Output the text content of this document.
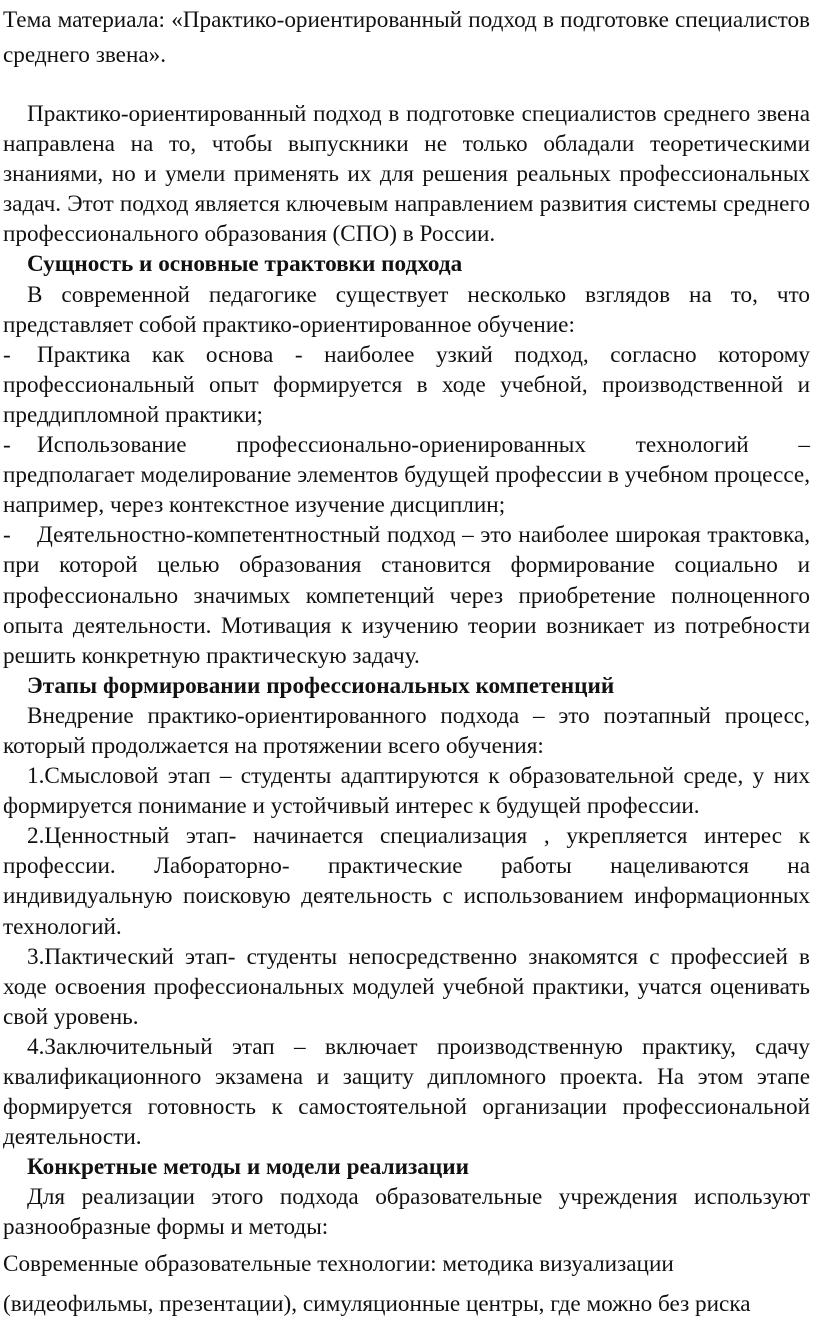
Тема материала: «Практико-ориентированный подход в подготовке специалистов среднего звена».

Практико-ориентированный подход в подготовке специалистов среднего звена направлена на то, чтобы выпускники не только обладали теоретическими знаниями, но и умели применять их для решения реальных профессиональных задач. Этот подход является ключевым направлением развития системы среднего профессионального образования (СПО) в России.

Сущность и основные трактовки подхода

В современной педагогике существует несколько взглядов на то, что представляет собой практико-ориентированное обучение:

- Практика как основа - наиболее узкий подход, согласно которому профессиональный опыт формируется в ходе учебной, производственной и преддипломной практики;

- Использование профессионально-ориенированных технологий – предполагает моделирование элементов будущей профессии в учебном процессе, например, через контекстное изучение дисциплин;

- Деятельностно-компетентностный подход – это наиболее широкая трактовка, при которой целью образования становится формирование социально и профессионально значимых компетенций через приобретение полноценного опыта деятельности. Мотивация к изучению теории возникает из потребности решить конкретную практическую задачу.

Этапы формировании профессиональных компетенций

Внедрение практико-ориентированного подхода – это поэтапный процесс, который продолжается на протяжении всего обучения:

1.Смысловой этап – студенты адаптируются к образовательной среде, у них формируется понимание и устойчивый интерес к будущей профессии.

2.Ценностный этап- начинается специализация , укрепляется интерес к профессии. Лабораторно- практические работы нацеливаются на индивидуальную поисковую деятельность с использованием информационных технологий.

3.Пактический этап- студенты непосредственно знакомятся с профессией в ходе освоения профессиональных модулей учебной практики, учатся оценивать свой уровень.

4.Заключительный этап – включает производственную практику, сдачу квалификационного экзамена и защиту дипломного проекта. На этом этапе формируется готовность к самостоятельной организации профессиональной деятельности.

Конкретные методы и модели реализации

Для реализации этого подхода образовательные учреждения используют разнообразные формы и методы:

Современные образовательные технологии: методика визуализации

(видеофильмы, презентации), симуляционные центры, где можно без риска
